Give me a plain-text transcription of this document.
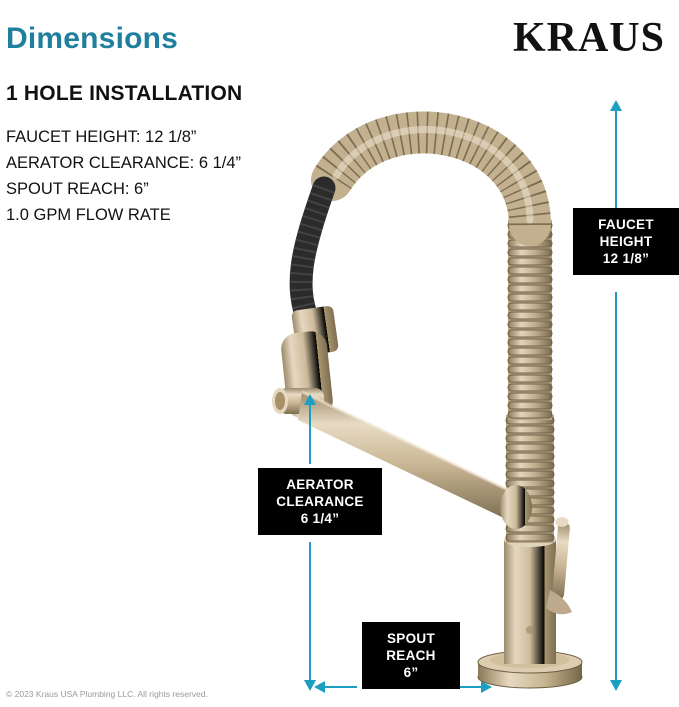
Dimensions
1 HOLE INSTALLATION
FAUCET HEIGHT: 12 1/8”
AERATOR CLEARANCE: 6 1/4”
SPOUT REACH: 6”
1.0 GPM FLOW RATE
KRAUS
FAUCET
HEIGHT
12 1/8”
AERATOR
CLEARANCE
6 1/4”
SPOUT
REACH
6”
© 2023 Kraus USA Plumbing LLC. All rights reserved.
